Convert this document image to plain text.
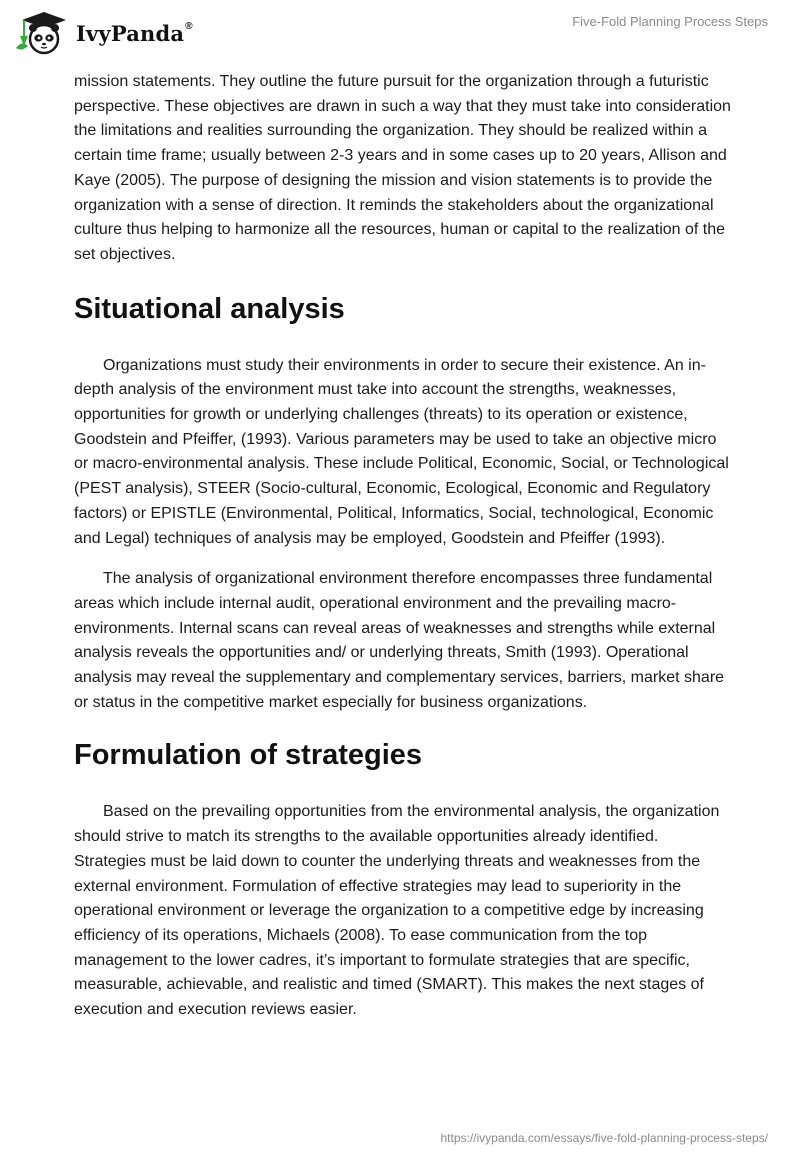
IvyPanda®	Five-Fold Planning Process Steps

mission statements. They outline the future pursuit for the organization through a futuristic perspective. These objectives are drawn in such a way that they must take into consideration the limitations and realities surrounding the organization. They should be realized within a certain time frame; usually between 2-3 years and in some cases up to 20 years, Allison and Kaye (2005). The purpose of designing the mission and vision statements is to provide the organization with a sense of direction. It reminds the stakeholders about the organizational culture thus helping to harmonize all the resources, human or capital to the realization of the set objectives.

Situational analysis

Organizations must study their environments in order to secure their existence. An in-depth analysis of the environment must take into account the strengths, weaknesses, opportunities for growth or underlying challenges (threats) to its operation or existence, Goodstein and Pfeiffer, (1993). Various parameters may be used to take an objective micro or macro-environmental analysis. These include Political, Economic, Social, or Technological (PEST analysis), STEER (Socio-cultural, Economic, Ecological, Economic and Regulatory factors) or EPISTLE (Environmental, Political, Informatics, Social, technological, Economic and Legal) techniques of analysis may be employed, Goodstein and Pfeiffer (1993).

The analysis of organizational environment therefore encompasses three fundamental areas which include internal audit, operational environment and the prevailing macro-environments. Internal scans can reveal areas of weaknesses and strengths while external analysis reveals the opportunities and/ or underlying threats, Smith (1993). Operational analysis may reveal the supplementary and complementary services, barriers, market share or status in the competitive market especially for business organizations.

Formulation of strategies

Based on the prevailing opportunities from the environmental analysis, the organization should strive to match its strengths to the available opportunities already identified. Strategies must be laid down to counter the underlying threats and weaknesses from the external environment. Formulation of effective strategies may lead to superiority in the operational environment or leverage the organization to a competitive edge by increasing efficiency of its operations, Michaels (2008). To ease communication from the top management to the lower cadres, it’s important to formulate strategies that are specific, measurable, achievable, and realistic and timed (SMART). This makes the next stages of execution and execution reviews easier.

https://ivypanda.com/essays/five-fold-planning-process-steps/
